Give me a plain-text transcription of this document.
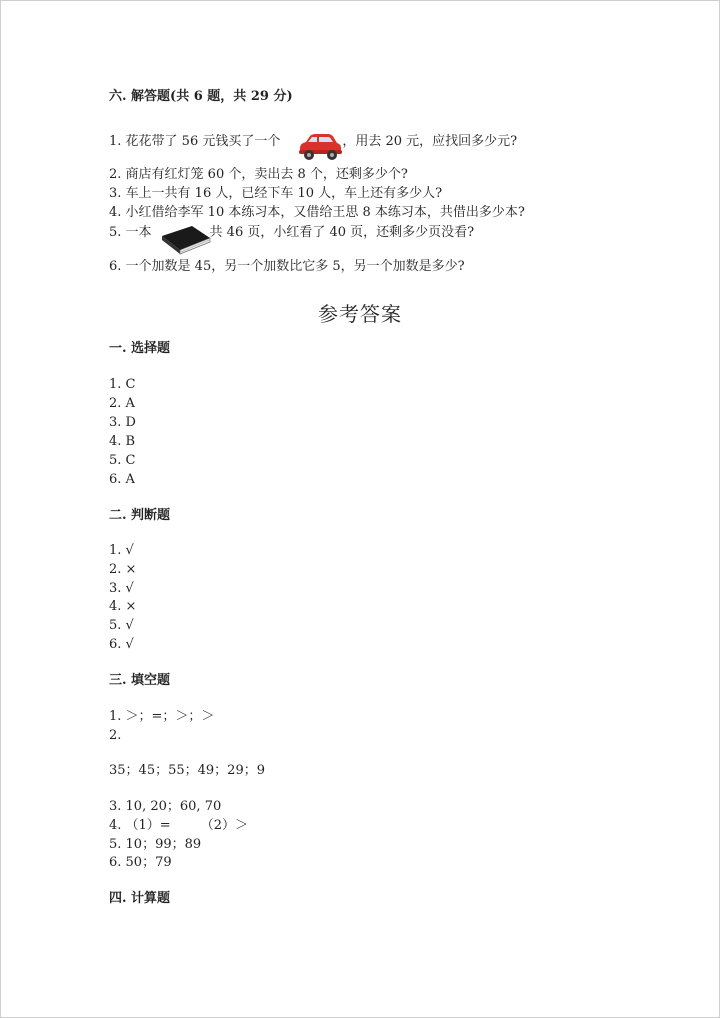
六. 解答题(共 6 题，共 29 分)
1. 花花带了 56 元钱买了一个	，用去 20 元，应找回多少元?
2. 商店有红灯笼 60 个，卖出去 8 个，还剩多少个?
3. 车上一共有 16 人，已经下车 10 人，车上还有多少人?
4. 小红借给李军 10 本练习本，又借给王思 8 本练习本，共借出多少本?
5. 一本	共 46 页，小红看了 40 页，还剩多少页没看?
6. 一个加数是 45，另一个加数比它多 5，另一个加数是多少?
参考答案
一. 选择题
1. C
2. A
3. D
4. B
5. C
6. A
二. 判断题
1. √
2. ×
3. √
4. ×
5. √
6. √
三. 填空题
1. ＞；=；＞；＞
2.
35；45；55；49；29；9
3. 10, 20；60, 70
4. （1）= （2）＞
5. 10；99；89
6. 50；79
四. 计算题
